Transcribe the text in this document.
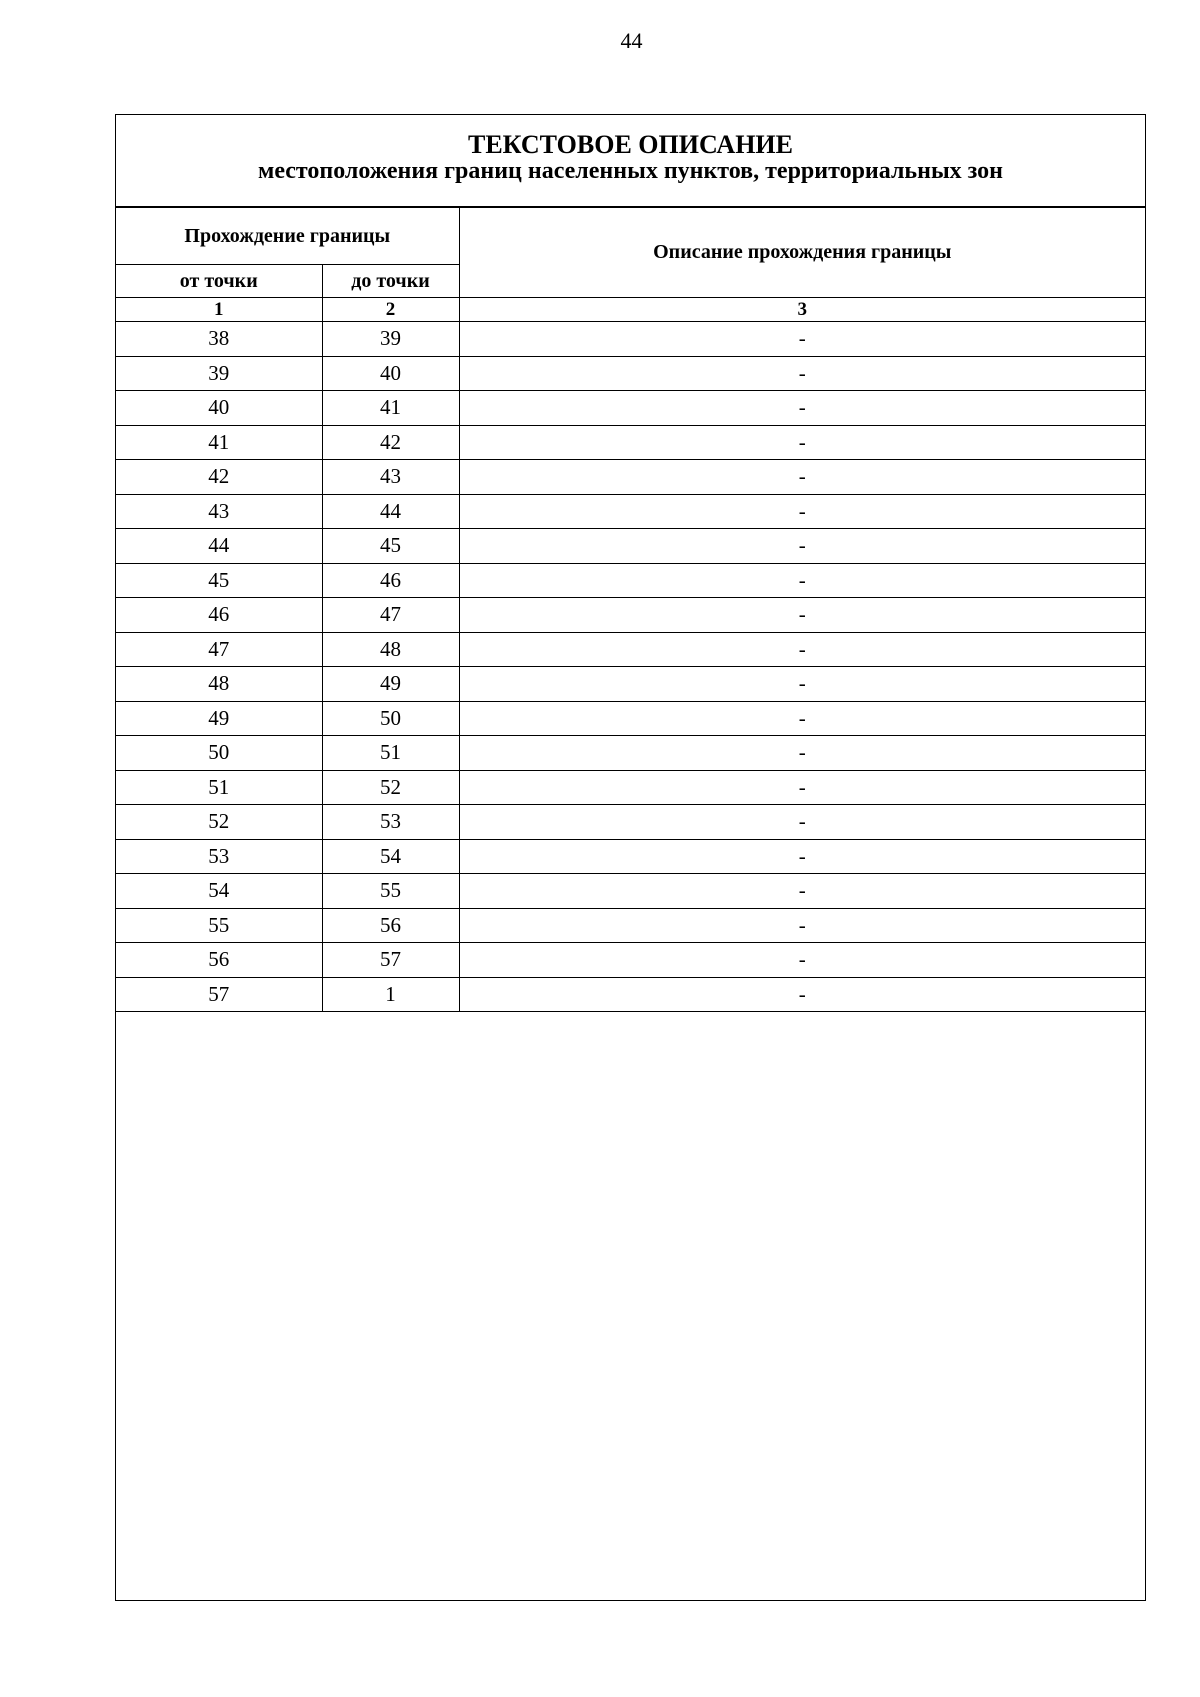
44
ТЕКСТОВОЕ ОПИСАНИЕ
местоположения границ населенных пунктов, территориальных зон
Прохождение границы		Описание прохождения границы
от точки	до точки	
1	2	3
38	39	-
39	40	-
40	41	-
41	42	-
42	43	-
43	44	-
44	45	-
45	46	-
46	47	-
47	48	-
48	49	-
49	50	-
50	51	-
51	52	-
52	53	-
53	54	-
54	55	-
55	56	-
56	57	-
57	1	-
